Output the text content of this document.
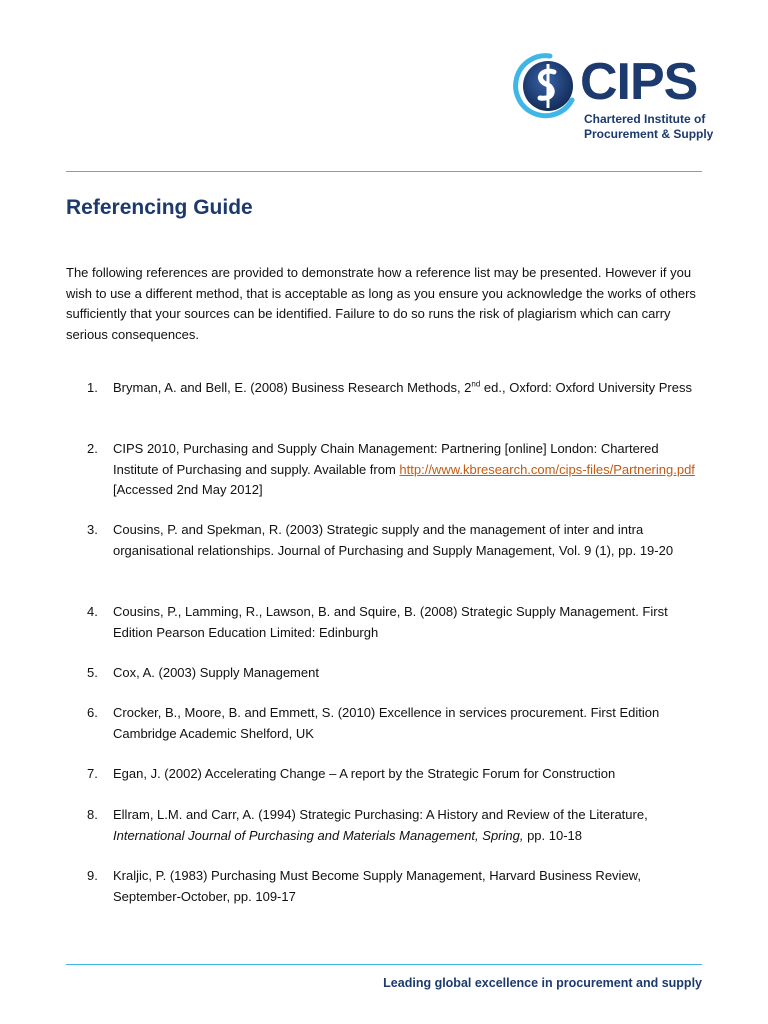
CIPS
Chartered Institute of
Procurement & Supply
Referencing Guide

The following references are provided to demonstrate how a reference list may be presented. However if you wish to use a different method, that is acceptable as long as you ensure you acknowledge the works of others sufficiently that your sources can be identified. Failure to do so runs the risk of plagiarism which can carry serious consequences.

1. Bryman, A. and Bell, E. (2008) Business Research Methods, 2nd ed., Oxford: Oxford University Press
2. CIPS 2010, Purchasing and Supply Chain Management: Partnering [online] London: Chartered Institute of Purchasing and supply. Available from http://www.kbresearch.com/cips-files/Partnering.pdf [Accessed 2nd May 2012]
3. Cousins, P. and Spekman, R. (2003) Strategic supply and the management of inter and intra organisational relationships. Journal of Purchasing and Supply Management, Vol. 9 (1), pp. 19-20
4. Cousins, P., Lamming, R., Lawson, B. and Squire, B. (2008) Strategic Supply Management. First Edition Pearson Education Limited: Edinburgh
5. Cox, A. (2003) Supply Management
6. Crocker, B., Moore, B. and Emmett, S. (2010) Excellence in services procurement. First Edition Cambridge Academic Shelford, UK
7. Egan, J. (2002) Accelerating Change – A report by the Strategic Forum for Construction
8. Ellram, L.M. and Carr, A. (1994) Strategic Purchasing: A History and Review of the Literature, International Journal of Purchasing and Materials Management, Spring, pp. 10-18
9. Kraljic, P. (1983) Purchasing Must Become Supply Management, Harvard Business Review, September-October, pp. 109-17
Leading global excellence in procurement and supply
